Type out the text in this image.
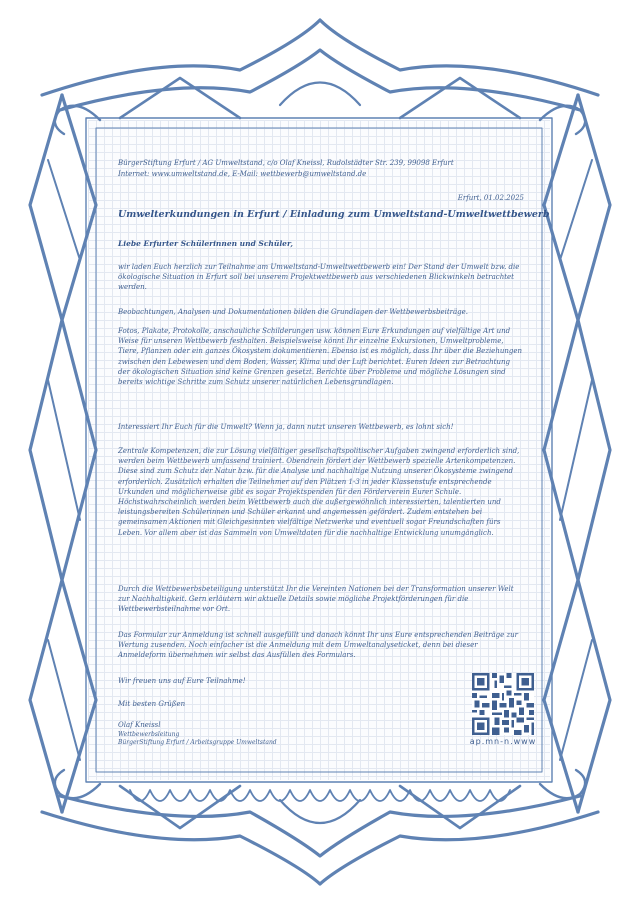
BürgerStiftung Erfurt / AG Umweltstand, c/o Olaf Kneissl, Rudolstädter Str. 239, 99098 Erfurt
Internet: www.umweltstand.de, E-Mail: wettbewerb@umweltstand.de
Erfurt, 01.02.2025
Umwelterkundungen in Erfurt / Einladung zum Umweltstand-Umweltwettbewerb
Liebe Erfurter Schülerinnen und Schüler,
wir laden Euch herzlich zur Teilnahme am Umweltstand-Umweltwettbewerb ein! Der Stand der Umwelt bzw. die ökologische Situation in Erfurt soll bei unserem Projektwettbewerb aus verschiedenen Blickwinkeln betrachtet werden.
Beobachtungen, Analysen und Dokumentationen bilden die Grundlagen der Wettbewerbsbeiträge.
Fotos, Plakate, Protokolle, anschauliche Schilderungen usw. können Eure Erkundungen auf vielfältige Art und Weise für unseren Wettbewerb festhalten. Beispielsweise könnt Ihr einzelne Exkursionen, Umweltprobleme, Tiere, Pflanzen oder ein ganzes Ökosystem dokumentieren. Ebenso ist es möglich, dass Ihr über die Beziehungen zwischen den Lebewesen und dem Boden, Wasser, Klima und der Luft berichtet. Euren Ideen zur Betrachtung der ökologischen Situation sind keine Grenzen gesetzt. Berichte über Probleme und mögliche Lösungen sind bereits wichtige Schritte zum Schutz unserer natürlichen Lebensgrundlagen.
Interessiert Ihr Euch für die Umwelt? Wenn ja, dann nutzt unseren Wettbewerb, es lohnt sich!
Zentrale Kompetenzen, die zur Lösung vielfältiger gesellschaftspolitischer Aufgaben zwingend erforderlich sind, werden beim Wettbewerb umfassend trainiert. Obendrein fördert der Wettbewerb spezielle Artenkompetenzen. Diese sind zum Schutz der Natur bzw. für die Analyse und nachhaltige Nutzung unserer Ökosysteme zwingend erforderlich. Zusätzlich erhalten die Teilnehmer auf den Plätzen 1-3 in jeder Klassenstufe entsprechende Urkunden und möglicherweise gibt es sogar Projektspenden für den Förderverein Eurer Schule. Höchstwahrscheinlich werden beim Wettbewerb auch die außergewöhnlich interessierten, talentierten und leistungsbereiten Schülerinnen und Schüler erkannt und angemessen gefördert. Zudem entstehen bei gemeinsamen Aktionen mit Gleichgesinnten vielfältige Netzwerke und eventuell sogar Freundschaften fürs Leben. Vor allem aber ist das Sammeln von Umweltdaten für die nachhaltige Entwicklung unumgänglich.
Durch die Wettbewerbsbeteiligung unterstützt Ihr die Vereinten Nationen bei der Transformation unserer Welt zur Nachhaltigkeit. Gern erläutern wir aktuelle Details sowie mögliche Projektförderungen für die Wettbewerbsteilnahme vor Ort.
Das Formular zur Anmeldung ist schnell ausgefüllt und danach könnt Ihr uns Eure entsprechenden Beiträge zur Wertung zusenden. Noch einfacher ist die Anmeldung mit dem Umweltanalyseticket, denn bei dieser Anmeldeform übernehmen wir selbst das Ausfüllen des Formulars.
Wir freuen uns auf Eure Teilnahme!
Mit besten Grüßen
Olaf Kneissl
Wettbewerbsleitung
BürgerStiftung Erfurt / Arbeitsgruppe Umweltstand	ap.mn-n.www
